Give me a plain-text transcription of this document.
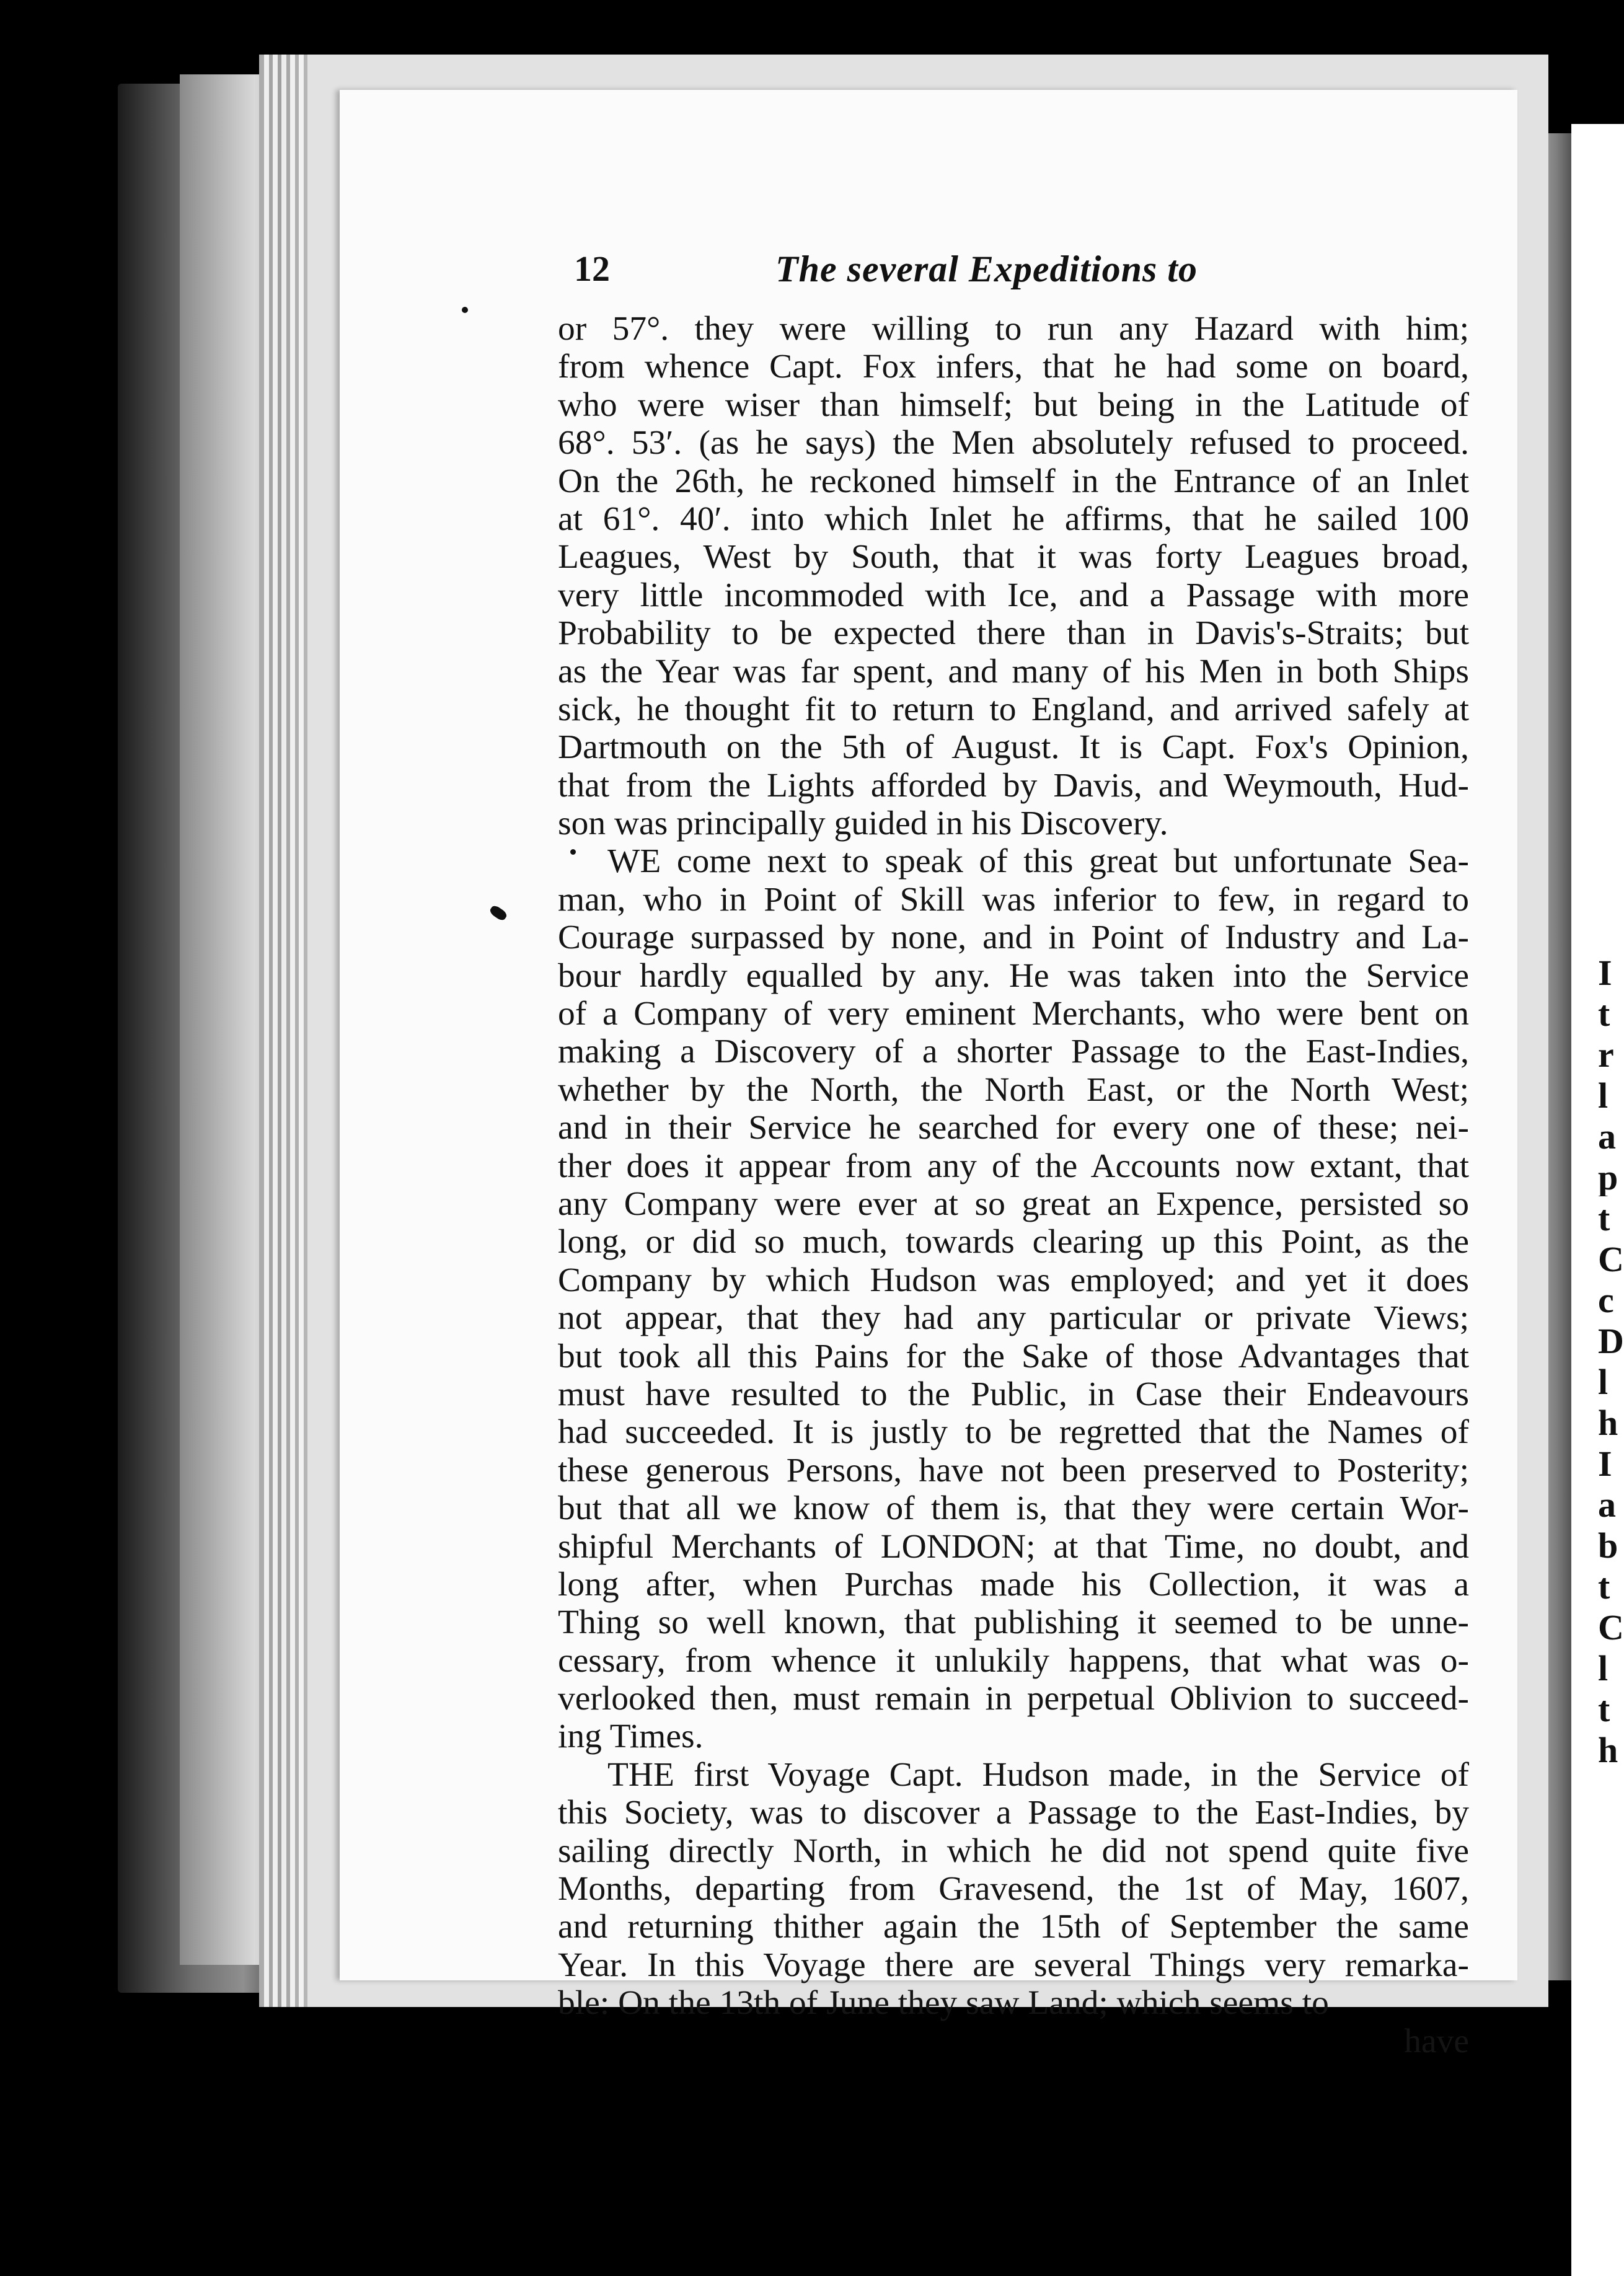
I
t
r
l
a
p
t
C
c
D
l
h
I
a
b
t
C
l
t
h
12	The several Expeditions to
or 57°. they were willing to run any Hazard with him;
from whence Capt. Fox infers, that he had some on board,
who were wiser than himself; but being in the Latitude of
68°. 53′. (as he says) the Men absolutely refused to proceed.
On the 26th, he reckoned himself in the Entrance of an Inlet
at 61°. 40′. into which Inlet he affirms, that he sailed 100
Leagues, West by South, that it was forty Leagues broad,
very little incommoded with Ice, and a Passage with more
Probability to be expected there than in Davis's-Straits; but
as the Year was far spent, and many of his Men in both Ships
sick, he thought fit to return to England, and arrived safely at
Dartmouth on the 5th of August. It is Capt. Fox's Opinion,
that from the Lights afforded by Davis, and Weymouth, Hud-
son was principally guided in his Discovery.
WE come next to speak of this great but unfortunate Sea-
man, who in Point of Skill was inferior to few, in regard to
Courage surpassed by none, and in Point of Industry and La-
bour hardly equalled by any. He was taken into the Service
of a Company of very eminent Merchants, who were bent on
making a Discovery of a shorter Passage to the East-Indies,
whether by the North, the North East, or the North West;
and in their Service he searched for every one of these; nei-
ther does it appear from any of the Accounts now extant, that
any Company were ever at so great an Expence, persisted so
long, or did so much, towards clearing up this Point, as the
Company by which Hudson was employed; and yet it does
not appear, that they had any particular or private Views;
but took all this Pains for the Sake of those Advantages that
must have resulted to the Public, in Case their Endeavours
had succeeded. It is justly to be regretted that the Names of
these generous Persons, have not been preserved to Posterity;
but that all we know of them is, that they were certain Wor-
shipful Merchants of LONDON; at that Time, no doubt, and
long after, when Purchas made his Collection, it was a
Thing so well known, that publishing it seemed to be unne-
cessary, from whence it unlukily happens, that what was o-
verlooked then, must remain in perpetual Oblivion to succeed-
ing Times.
THE first Voyage Capt. Hudson made, in the Service of
this Society, was to discover a Passage to the East-Indies, by
sailing directly North, in which he did not spend quite five
Months, departing from Gravesend, the 1st of May, 1607,
and returning thither again the 15th of September the same
Year. In this Voyage there are several Things very remarka-
ble: On the 13th of June they saw Land; which seems to
have
